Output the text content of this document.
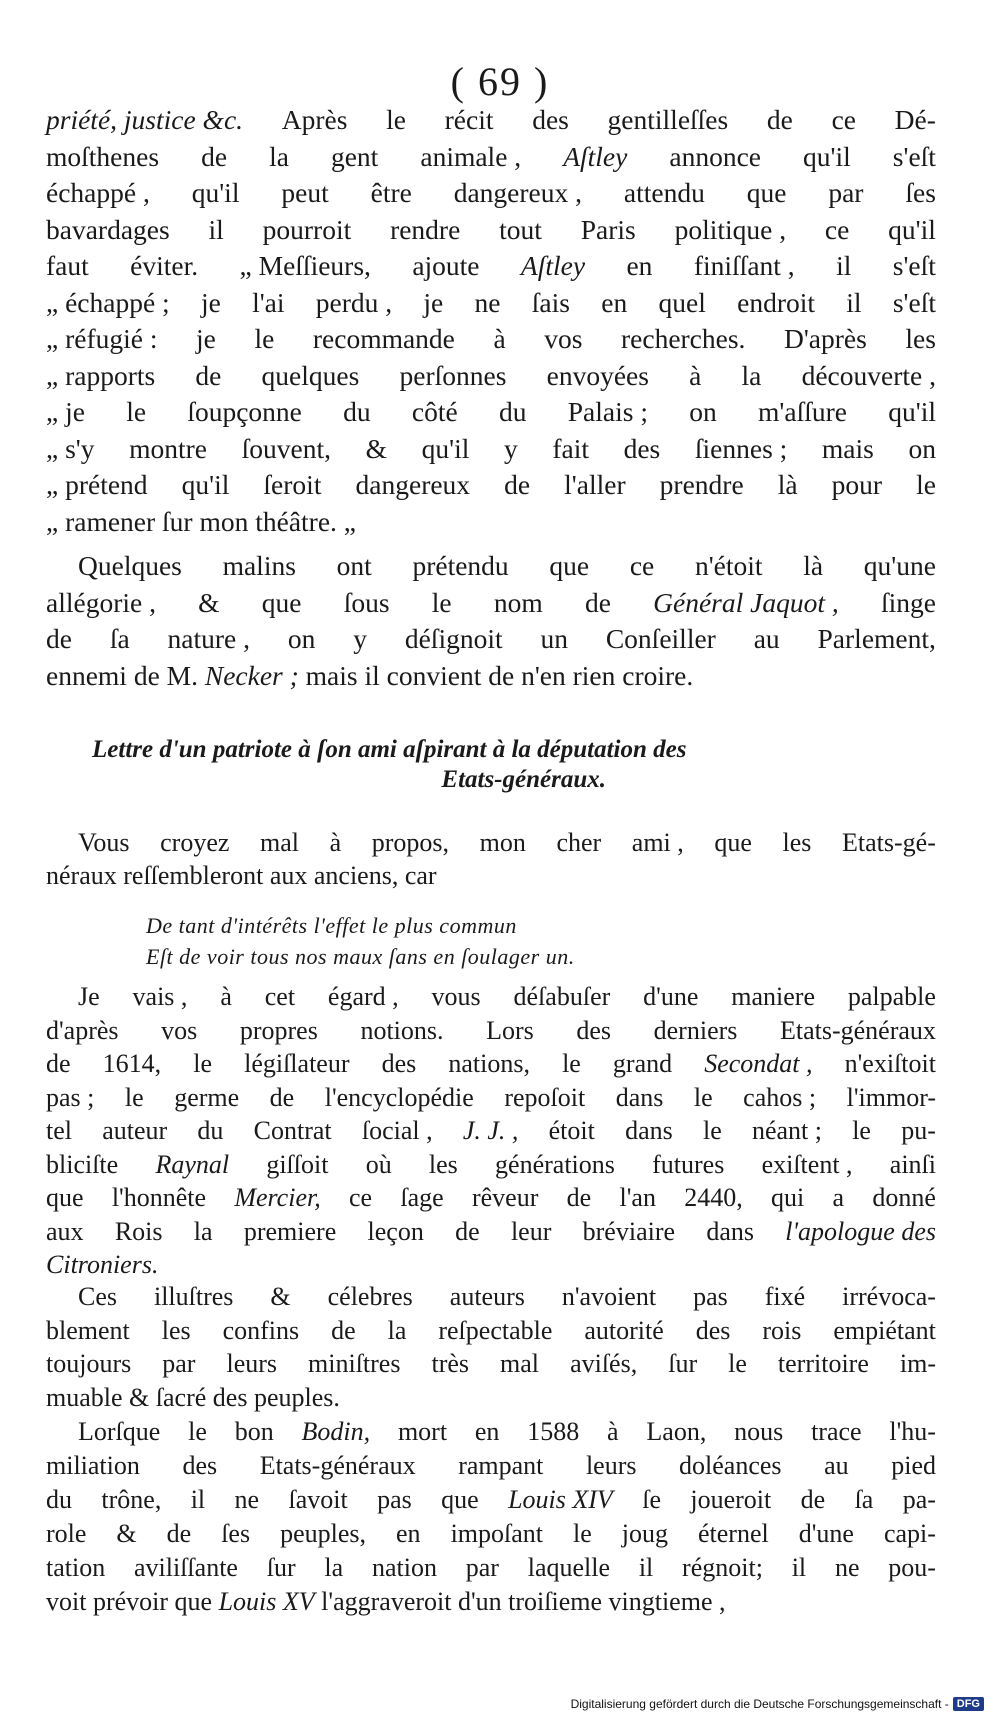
( 69 )
priété, justice &c. Après le récit des gentilleſſes de ce Dé-
moſthenes de la gent animale , Aſtley annonce qu'il s'eſt
échappé , qu'il peut être dangereux , attendu que par ſes
bavardages il pourroit rendre tout Paris politique , ce qu'il
faut éviter. „ Meſſieurs, ajoute Aſtley en finiſſant , il s'eſt
„ échappé ; je l'ai perdu , je ne ſais en quel endroit il s'eſt
„ réfugié : je le recommande à vos recherches. D'après les
„ rapports de quelques perſonnes envoyées à la découverte ,
„ je le ſoupçonne du côté du Palais ; on m'aſſure qu'il
„ s'y montre ſouvent, & qu'il y fait des ſiennes ; mais on
„ prétend qu'il ſeroit dangereux de l'aller prendre là pour le
„ ramener ſur mon théâtre. „
Quelques malins ont prétendu que ce n'étoit là qu'une
allégorie , & que ſous le nom de Général Jaquot , ſinge
de ſa nature , on y déſignoit un Conſeiller au Parlement,
ennemi de M. Necker ; mais il convient de n'en rien croire.
Lettre d'un patriote à ſon ami aſpirant à la députation des
Etats-généraux.
Vous croyez mal à propos, mon cher ami , que les Etats-gé-
néraux reſſembleront aux anciens, car
De tant d'intérêts l'effet le plus commun
Eſt de voir tous nos maux ſans en ſoulager un.
Je vais , à cet égard , vous déſabuſer d'une maniere palpable
d'après vos propres notions. Lors des derniers Etats-généraux
de 1614, le légiſlateur des nations, le grand Secondat , n'exiſtoit
pas ; le germe de l'encyclopédie repoſoit dans le cahos ; l'immor-
tel auteur du Contrat ſocial , J. J. , étoit dans le néant ; le pu-
bliciſte Raynal giſſoit où les générations futures exiſtent , ainſi
que l'honnête Mercier, ce ſage rêveur de l'an 2440, qui a donné
aux Rois la premiere leçon de leur bréviaire dans l'apologue des
Citroniers.
Ces illuſtres & célebres auteurs n'avoient pas fixé irrévoca-
blement les confins de la reſpectable autorité des rois empiétant
toujours par leurs miniſtres très mal aviſés, ſur le territoire im-
muable & ſacré des peuples.
Lorſque le bon Bodin, mort en 1588 à Laon, nous trace l'hu-
miliation des Etats-généraux rampant leurs doléances au pied
du trône, il ne ſavoit pas que Louis XIV ſe joueroit de ſa pa-
role & de ſes peuples, en impoſant le joug éternel d'une capi-
tation aviliſſante ſur la nation par laquelle il régnoit; il ne pou-
voit prévoir que Louis XV l'aggraveroit d'un troiſieme vingtieme ,
Digitalisierung gefördert durch die Deutsche Forschungsgemeinschaft - DFG
